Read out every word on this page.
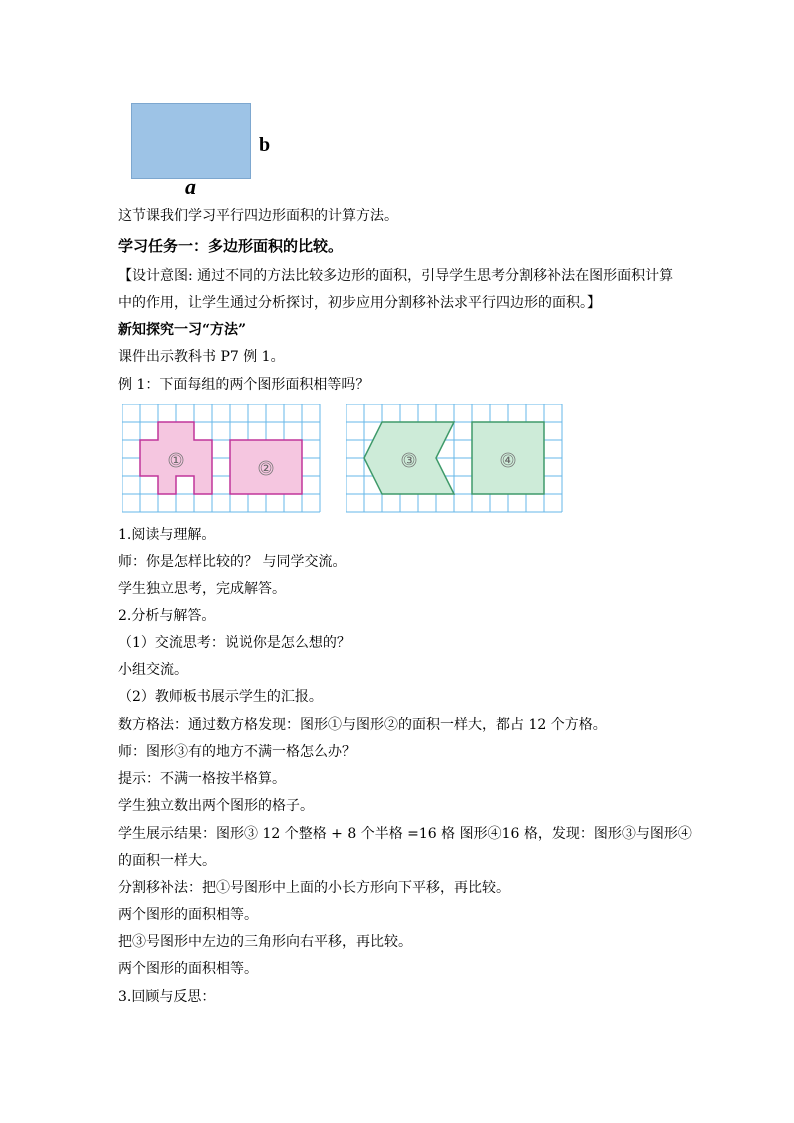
b
a
这节课我们学习平行四边形面积的计算方法。
学习任务一：多边形面积的比较。
【设计意图: 通过不同的方法比较多边形的面积，引导学生思考分割移补法在图形面积计算
中的作用，让学生通过分析探讨，初步应用分割移补法求平行四边形的面积。】
新知探究一习“方法”
课件出示教科书 P7 例 1。
例 1：下面每组的两个图形面积相等吗？
①	②	③	④
1.阅读与理解。
师：你是怎样比较的？ 与同学交流。
学生独立思考，完成解答。
2.分析与解答。
（1）交流思考：说说你是怎么想的？
小组交流。
（2）教师板书展示学生的汇报。
数方格法：通过数方格发现：图形①与图形②的面积一样大，都占 12 个方格。
师：图形③有的地方不满一格怎么办？
提示：不满一格按半格算。
学生独立数出两个图形的格子。
学生展示结果：图形③ 12 个整格 + 8 个半格 =16 格 图形④16 格，发现：图形③与图形④
的面积一样大。
分割移补法：把①号图形中上面的小长方形向下平移，再比较。
两个图形的面积相等。
把③号图形中左边的三角形向右平移，再比较。
两个图形的面积相等。
3.回顾与反思：
